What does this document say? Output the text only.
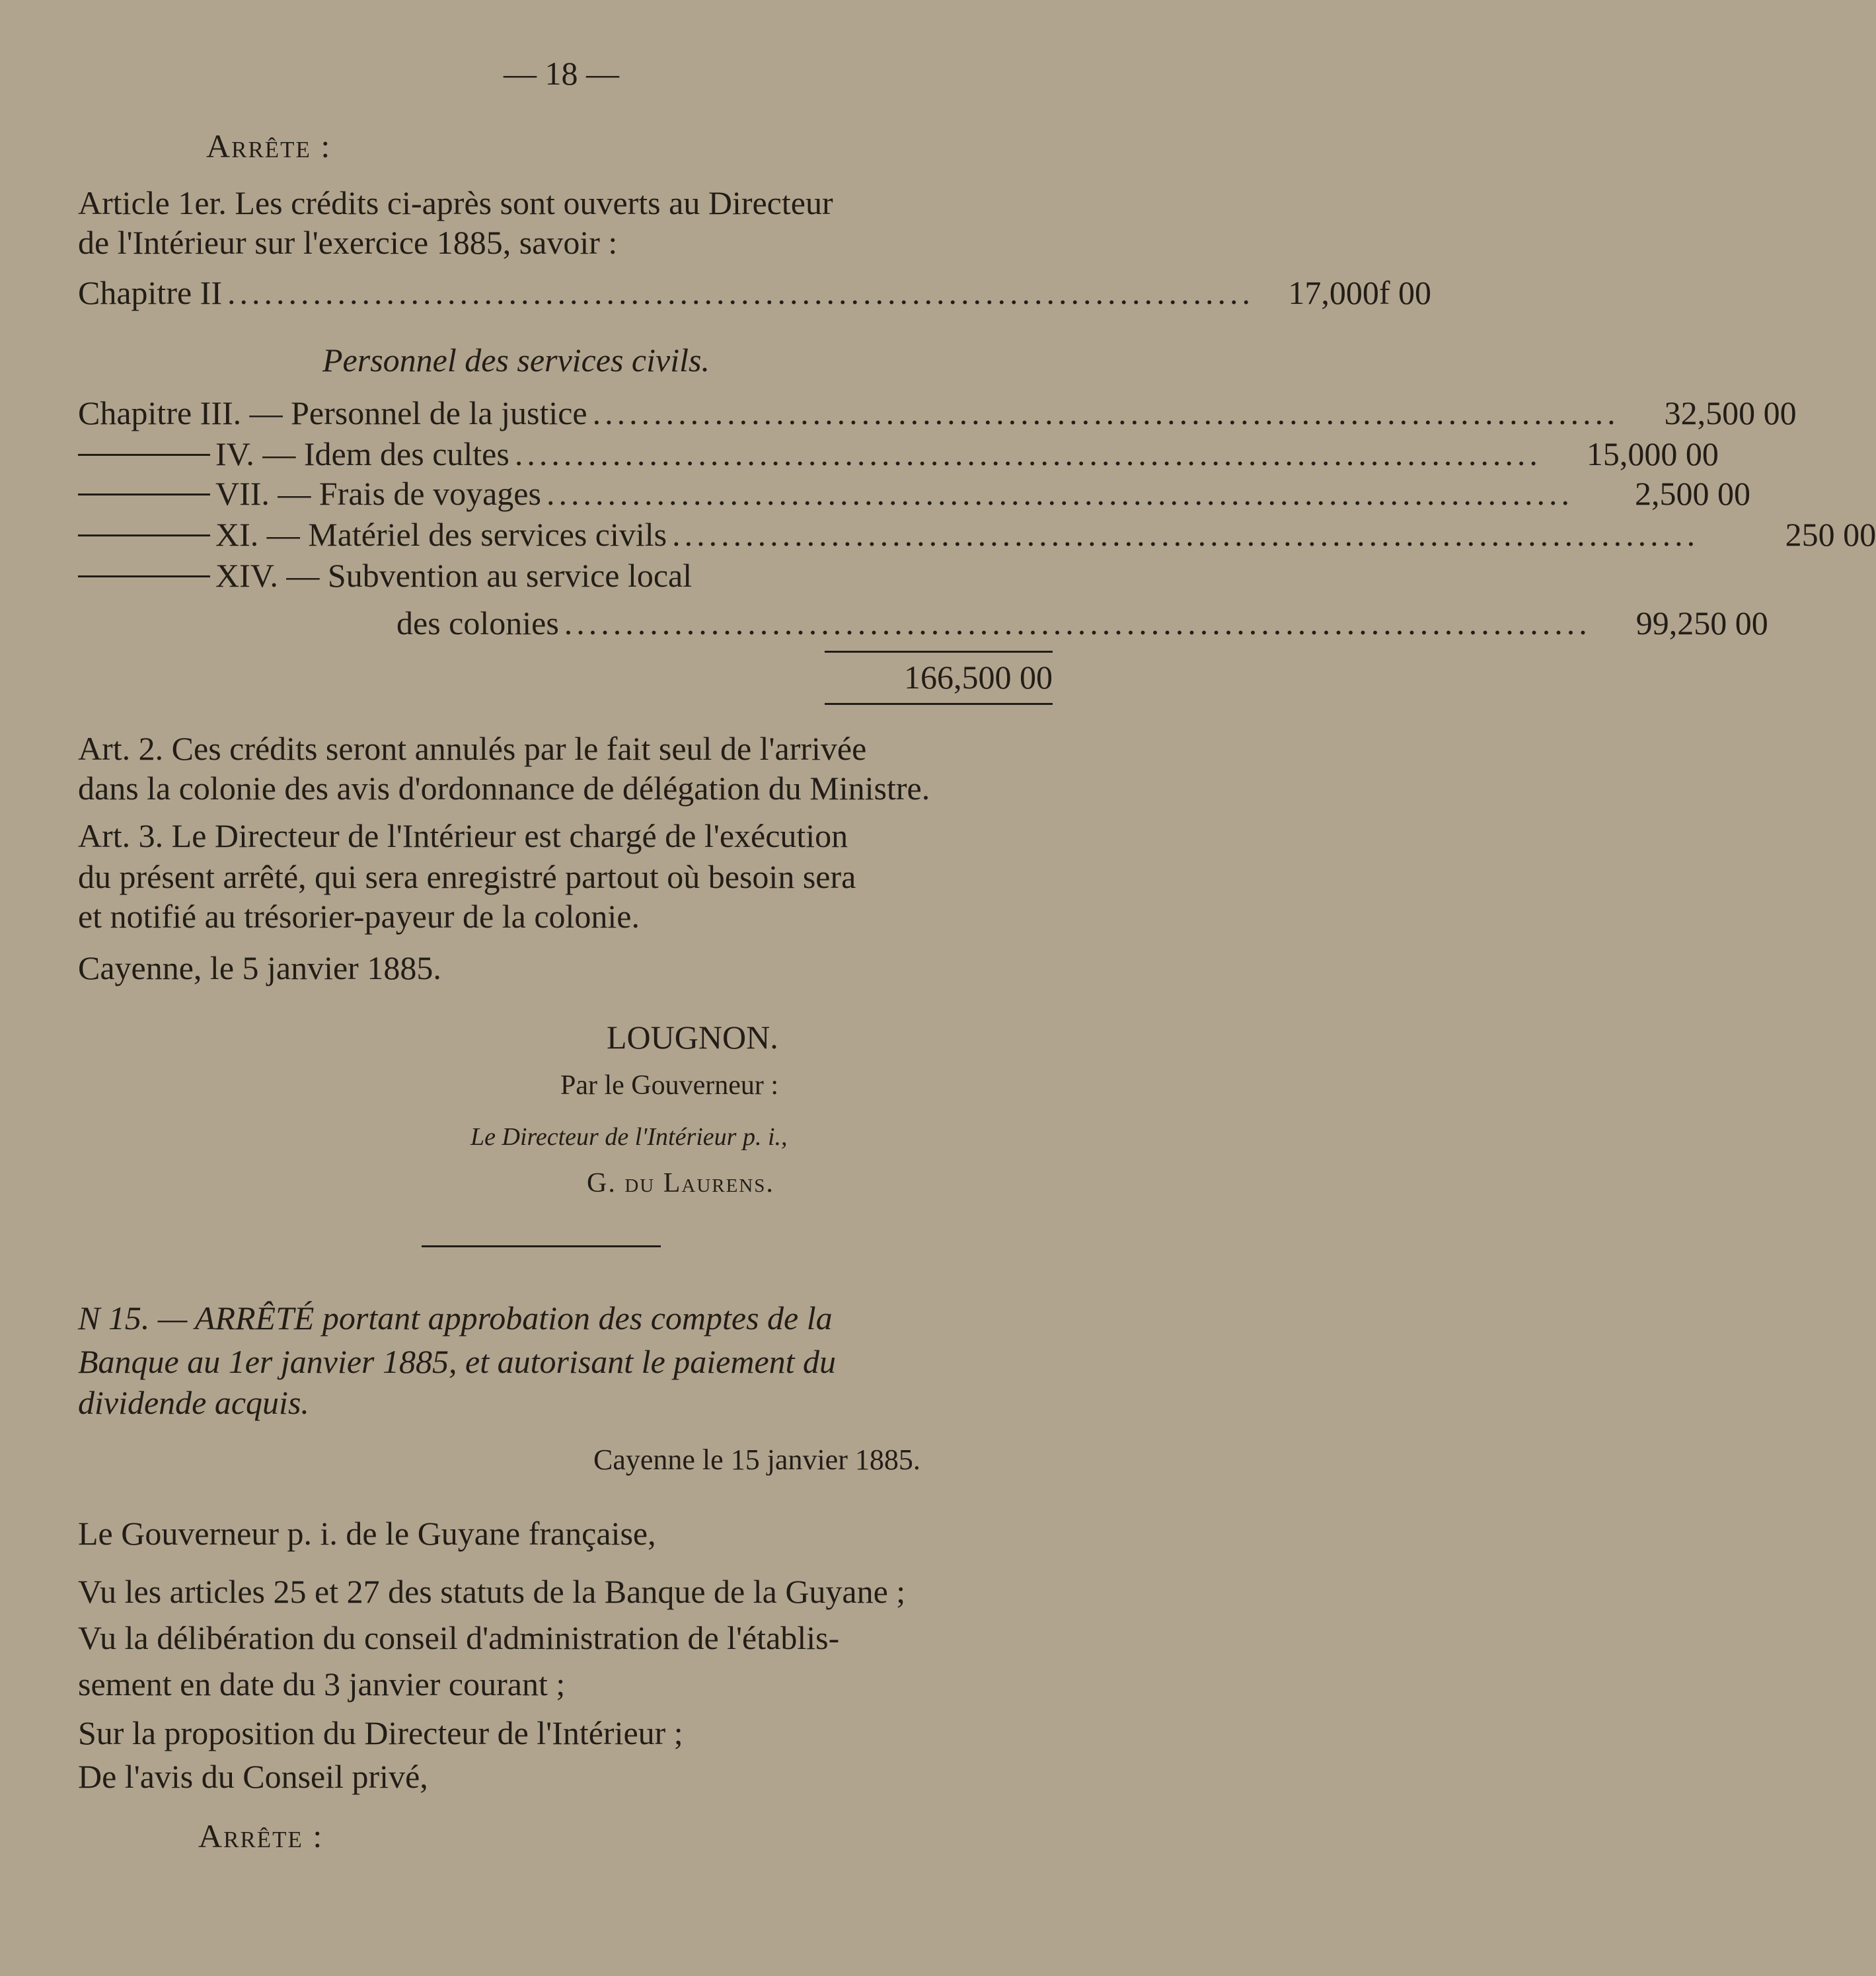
— 18 —
Arrête :
Article 1er. Les crédits ci-après sont ouverts au Directeur
de l'Intérieur sur l'exercice 1885, savoir :
Chapitre II ....................................................................................	17,000f 00
Personnel des services civils.
Chapitre III. — Personnel de la justice ....................................................................................	32,500 00
IV. — Idem des cultes ....................................................................................	15,000 00
VII. — Frais de voyages ....................................................................................	2,500 00
XI. — Matériel des services civils ....................................................................................	250 00
XIV. — Subvention au service local
des colonies ....................................................................................	99,250 00
166,500 00
Art. 2. Ces crédits seront annulés par le fait seul de l'arrivée
dans la colonie des avis d'ordonnance de délégation du Ministre.
Art. 3. Le Directeur de l'Intérieur est chargé de l'exécution
du présent arrêté, qui sera enregistré partout où besoin sera
et notifié au trésorier-payeur de la colonie.
Cayenne, le 5 janvier 1885.
LOUGNON.
Par le Gouverneur :
Le Directeur de l'Intérieur p. i.,
G. du Laurens.
N 15. — ARRÊTÉ portant approbation des comptes de la
Banque au 1er janvier 1885, et autorisant le paiement du
dividende acquis.
Cayenne le 15 janvier 1885.
Le Gouverneur p. i. de le Guyane française,
Vu les articles 25 et 27 des statuts de la Banque de la Guyane ;
Vu la délibération du conseil d'administration de l'établis-
sement en date du 3 janvier courant ;
Sur la proposition du Directeur de l'Intérieur ;
De l'avis du Conseil privé,
Arrête :
